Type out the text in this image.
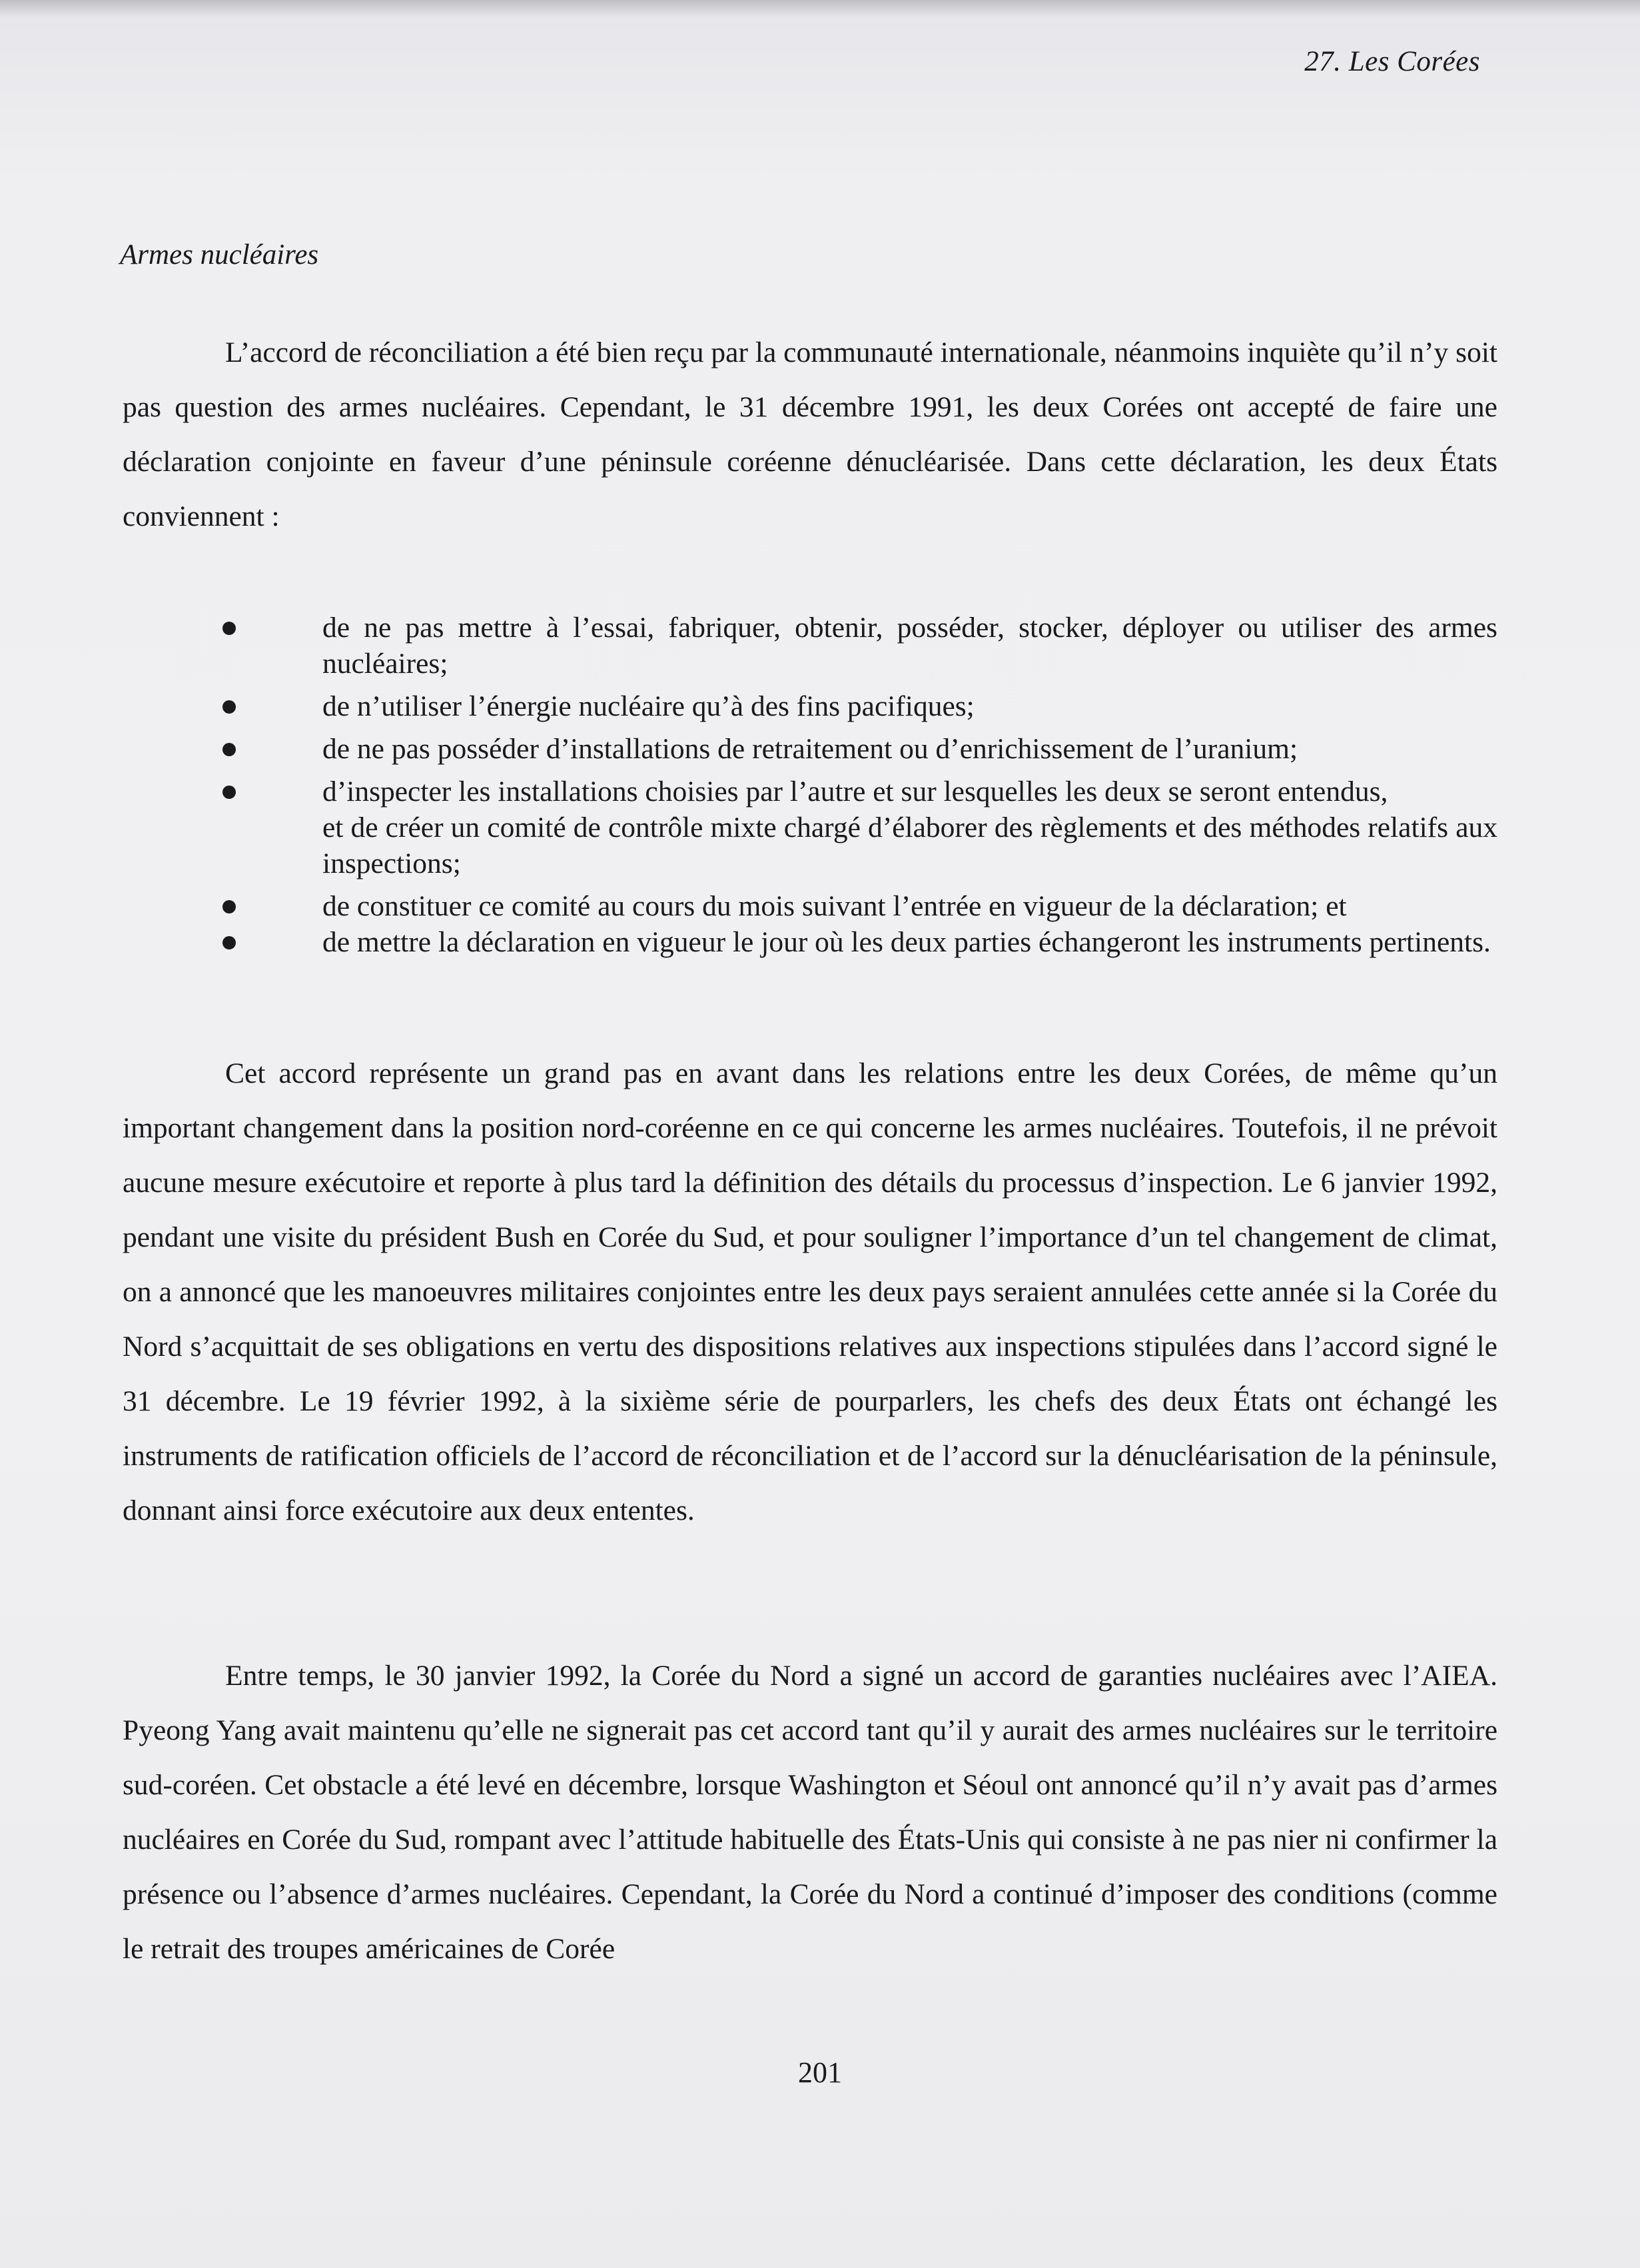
27. Les Corées
Armes nucléaires

L’accord de réconciliation a été bien reçu par la communauté internationale, néanmoins inquiète qu’il n’y soit pas question des armes nucléaires. Cependant, le 31 décembre 1991, les deux Corées ont accepté de faire une déclaration conjointe en faveur d’une péninsule coréenne dénucléarisée. Dans cette déclaration, les deux États conviennent :

de ne pas mettre à l’essai, fabriquer, obtenir, posséder, stocker, déployer ou utiliser des armes nucléaires;
de n’utiliser l’énergie nucléaire qu’à des fins pacifiques;
de ne pas posséder d’installations de retraitement ou d’enrichissement de l’uranium;
d’inspecter les installations choisies par l’autre et sur lesquelles les deux se seront entendus,
et de créer un comité de contrôle mixte chargé d’élaborer des règlements et des méthodes relatifs aux inspections;
de constituer ce comité au cours du mois suivant l’entrée en vigueur de la déclaration; et
de mettre la déclaration en vigueur le jour où les deux parties échangeront les instruments pertinents.

Cet accord représente un grand pas en avant dans les relations entre les deux Corées, de même qu’un important changement dans la position nord-coréenne en ce qui concerne les armes nucléaires. Toutefois, il ne prévoit aucune mesure exécutoire et reporte à plus tard la définition des détails du processus d’inspection. Le 6 janvier 1992, pendant une visite du président Bush en Corée du Sud, et pour souligner l’importance d’un tel changement de climat, on a annoncé que les manoeuvres militaires conjointes entre les deux pays seraient annulées cette année si la Corée du Nord s’acquittait de ses obligations en vertu des dispositions relatives aux inspections stipulées dans l’accord signé le 31 décembre. Le 19 février 1992, à la sixième série de pourparlers, les chefs des deux États ont échangé les instruments de ratification officiels de l’accord de réconciliation et de l’accord sur la dénucléarisation de la péninsule, donnant ainsi force exécutoire aux deux ententes.

Entre temps, le 30 janvier 1992, la Corée du Nord a signé un accord de garanties nucléaires avec l’AIEA. Pyeong Yang avait maintenu qu’elle ne signerait pas cet accord tant qu’il y aurait des armes nucléaires sur le territoire sud-coréen. Cet obstacle a été levé en décembre, lorsque Washington et Séoul ont annoncé qu’il n’y avait pas d’armes nucléaires en Corée du Sud, rompant avec l’attitude habituelle des États-Unis qui consiste à ne pas nier ni confirmer la présence ou l’absence d’armes nucléaires. Cependant, la Corée du Nord a continué d’imposer des conditions (comme le retrait des troupes américaines de Corée

201
